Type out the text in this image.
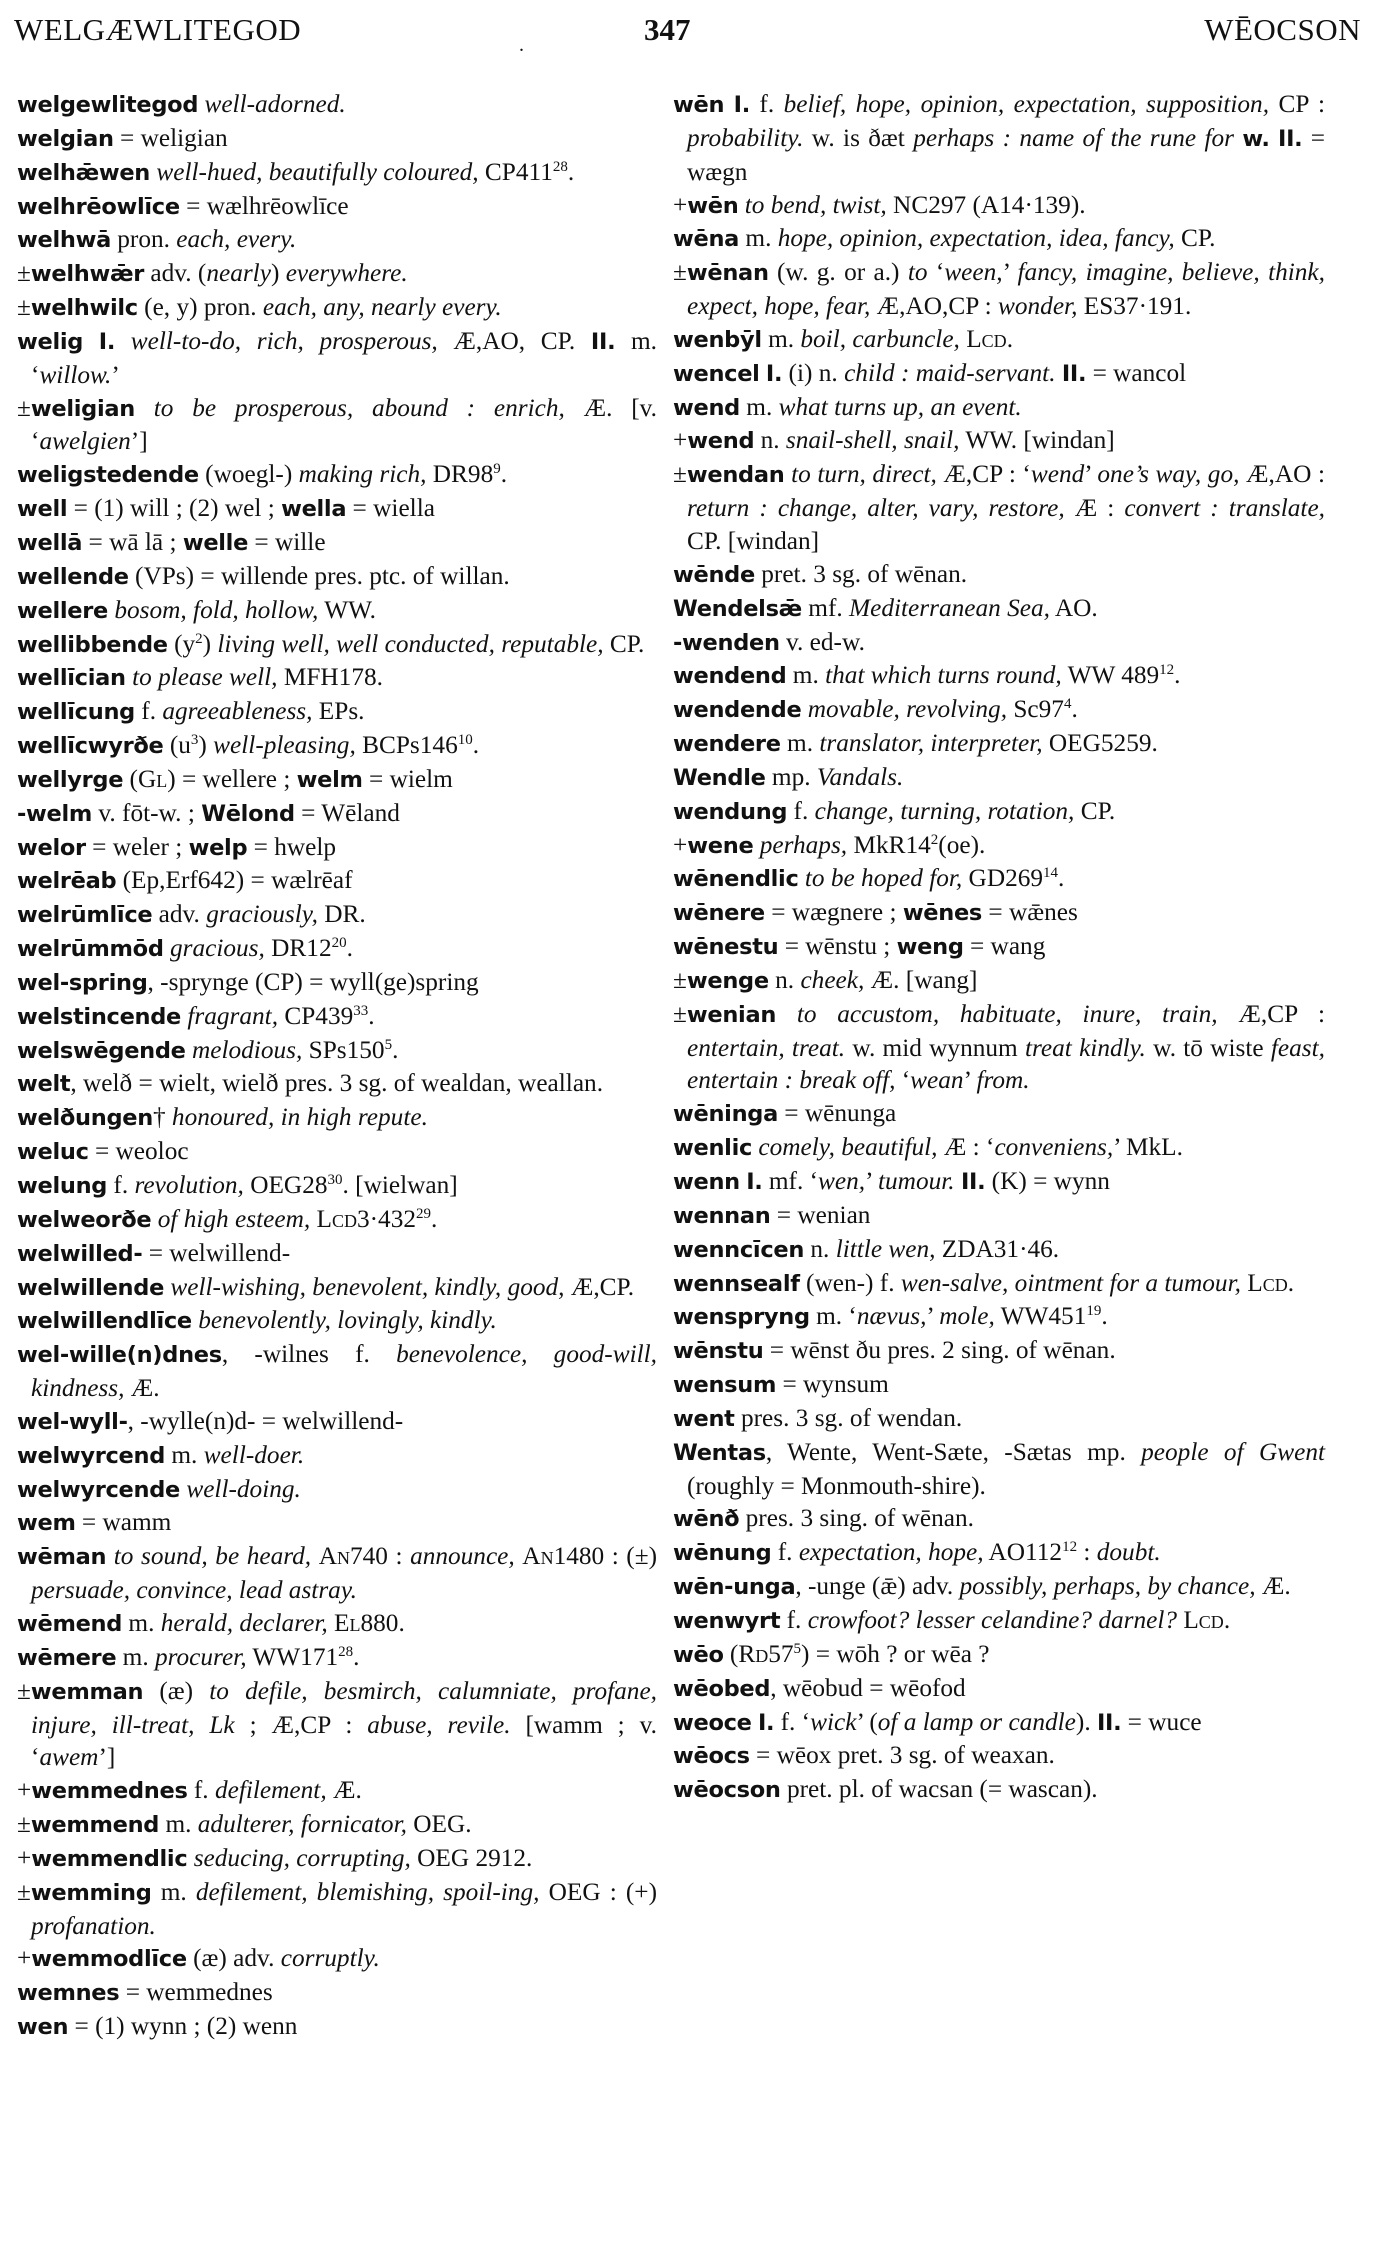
WELGÆWLITEGOD	.	347	WĒOCSON

welgewlitegod well-adorned.

welgian = weligian

welhǣwen well-hued, beautifully coloured, $CP411^{28}$.

welhrēowlīce = wælhrēowlīce

welhwā pron. each, every.

±welhwǣr adv. (nearly) everywhere.

±welhwilc (e, y) pron. each, any, nearly every.

welig I. well-to-do, rich, prosperous, Æ,AO, CP. II. m. ‘willow.’

±weligian to be prosperous, abound : enrich, Æ. [v. ‘awelgien’]

weligstedende (woegl-) making rich, $DR98^9$.

well = (1) will ; (2) wel ; wella = wiella

wellā = wā lā ; welle = wille

wellende (VPs) = willende pres. ptc. of willan.

wellere bosom, fold, hollow, WW.

wellibbende $(y^2)$ living well, well conducted, reputable, CP.

wellīcian to please well, MFH178.

wellīcung f. agreeableness, EPs.

wellīcwyrðe $(u^3)$ well-pleasing, $BCPs146^{10}$.

wellyrge (Gl) = wellere ; welm = wielm

-welm v. fōt-w. ; Wēlond = Wēland

welor = weler ; welp = hwelp

welrēab (Ep,Erf642) = wælrēaf

welrūmlīce adv. graciously, DR.

welrūmmōd gracious, $DR12^{20}$.

wel-spring, -sprynge (CP) = wyll(ge)spring

welstincende fragrant, $CP439^{33}$.

welswēgende melodious, $SPs150^5$.

welt, welð = wielt, wielð pres. 3 sg. of wealdan, weallan.

welðungen† honoured, in high repute.

weluc = weoloc

welung f. revolution, $OEG28^{30}$. [wielwan]

welweorðe of high esteem, $Lcd3\cdot 432^{29}$.

welwilled- = welwillend-

welwillende well-wishing, benevolent, kindly, good, Æ,CP.

welwillendlīce benevolently, lovingly, kindly.

wel-wille(n)dnes, -wilnes f. benevolence, good-will, kindness, Æ.

wel-wyll-, -wylle(n)d- = welwillend-

welwyrcend m. well-doer.

welwyrcende well-doing.

wem = wamm

wēman to sound, be heard, An740 : announce, An1480 : (±) persuade, convince, lead astray.

wēmend m. herald, declarer, El880.

wēmere m. procurer, $WW171^{28}$.

±wemman (æ) to defile, besmirch, calumniate, profane, injure, ill-treat, Lk ; Æ,CP : abuse, revile. [wamm ; v. ‘awem’]

+wemmednes f. defilement, Æ.

±wemmend m. adulterer, fornicator, OEG.

+wemmendlic seducing, corrupting, OEG 2912.

±wemming m. defilement, blemishing, spoil-ing, OEG : (+) profanation.

+wemmodlīce (æ) adv. corruptly.

wemnes = wemmednes

wen = (1) wynn ; (2) wenn

wēn I. f. belief, hope, opinion, expectation, supposition, CP : probability. w. is ðæt perhaps : name of the rune for w. II. = wægn

+wēn to bend, twist, NC297 (A14·139).

wēna m. hope, opinion, expectation, idea, fancy, CP.

±wēnan (w. g. or a.) to ‘ween,’ fancy, imagine, believe, think, expect, hope, fear, Æ,AO,CP : wonder, ES37·191.

wenbȳl m. boil, carbuncle, Lcd.

wencel I. (i) n. child : maid-servant. II. = wancol

wend m. what turns up, an event.

+wend n. snail-shell, snail, WW. [windan]

±wendan to turn, direct, Æ,CP : ‘wend’ one’s way, go, Æ,AO : return : change, alter, vary, restore, Æ : convert : translate, CP. [windan]

wēnde pret. 3 sg. of wēnan.

Wendelsǣ mf. Mediterranean Sea, AO.

-wenden v. ed-w.

wendend m. that which turns round, WW $489^{12}$.

wendende movable, revolving, $Sc97^4$.

wendere m. translator, interpreter, OEG5259.

Wendle mp. Vandals.

wendung f. change, turning, rotation, CP.

+wene perhaps, $MkR14^2(oe)$.

wēnendlic to be hoped for, $GD269^{14}$.

wēnere = wægnere ; wēnes = wǣnes

wēnestu = wēnstu ; weng = wang

±wenge n. cheek, Æ. [wang]

±wenian to accustom, habituate, inure, train, Æ,CP : entertain, treat. w. mid wynnum treat kindly. w. tō wiste feast, entertain : break off, ‘wean’ from.

wēninga = wēnunga

wenlic comely, beautiful, Æ : ‘conveniens,’ MkL.

wenn I. mf. ‘wen,’ tumour. II. (K) = wynn

wennan = wenian

wenncīcen n. little wen, ZDA31·46.

wennsealf (wen-) f. wen-salve, ointment for a tumour, Lcd.

wenspryng m. ‘nævus,’ mole, $WW451^{19}$.

wēnstu = wēnst ðu pres. 2 sing. of wēnan.

wensum = wynsum

went pres. 3 sg. of wendan.

Wentas, Wente, Went-Sæte, -Sætas mp. people of Gwent (roughly = Monmouth-shire).

wēnð pres. 3 sing. of wēnan.

wēnung f. expectation, hope, $AO112^{12}$ : doubt.

wēn-unga, -unge (ǣ) adv. possibly, perhaps, by chance, Æ.

wenwyrt f. crowfoot? lesser celandine? darnel? Lcd.

wēo $(Rd57^5)$ = wōh ? or wēa ?

wēobed, wēobud = wēofod

weoce I. f. ‘wick’ (of a lamp or candle). II. = wuce

wēocs = wēox pret. 3 sg. of weaxan.

wēocson pret. pl. of wacsan (= wascan).
